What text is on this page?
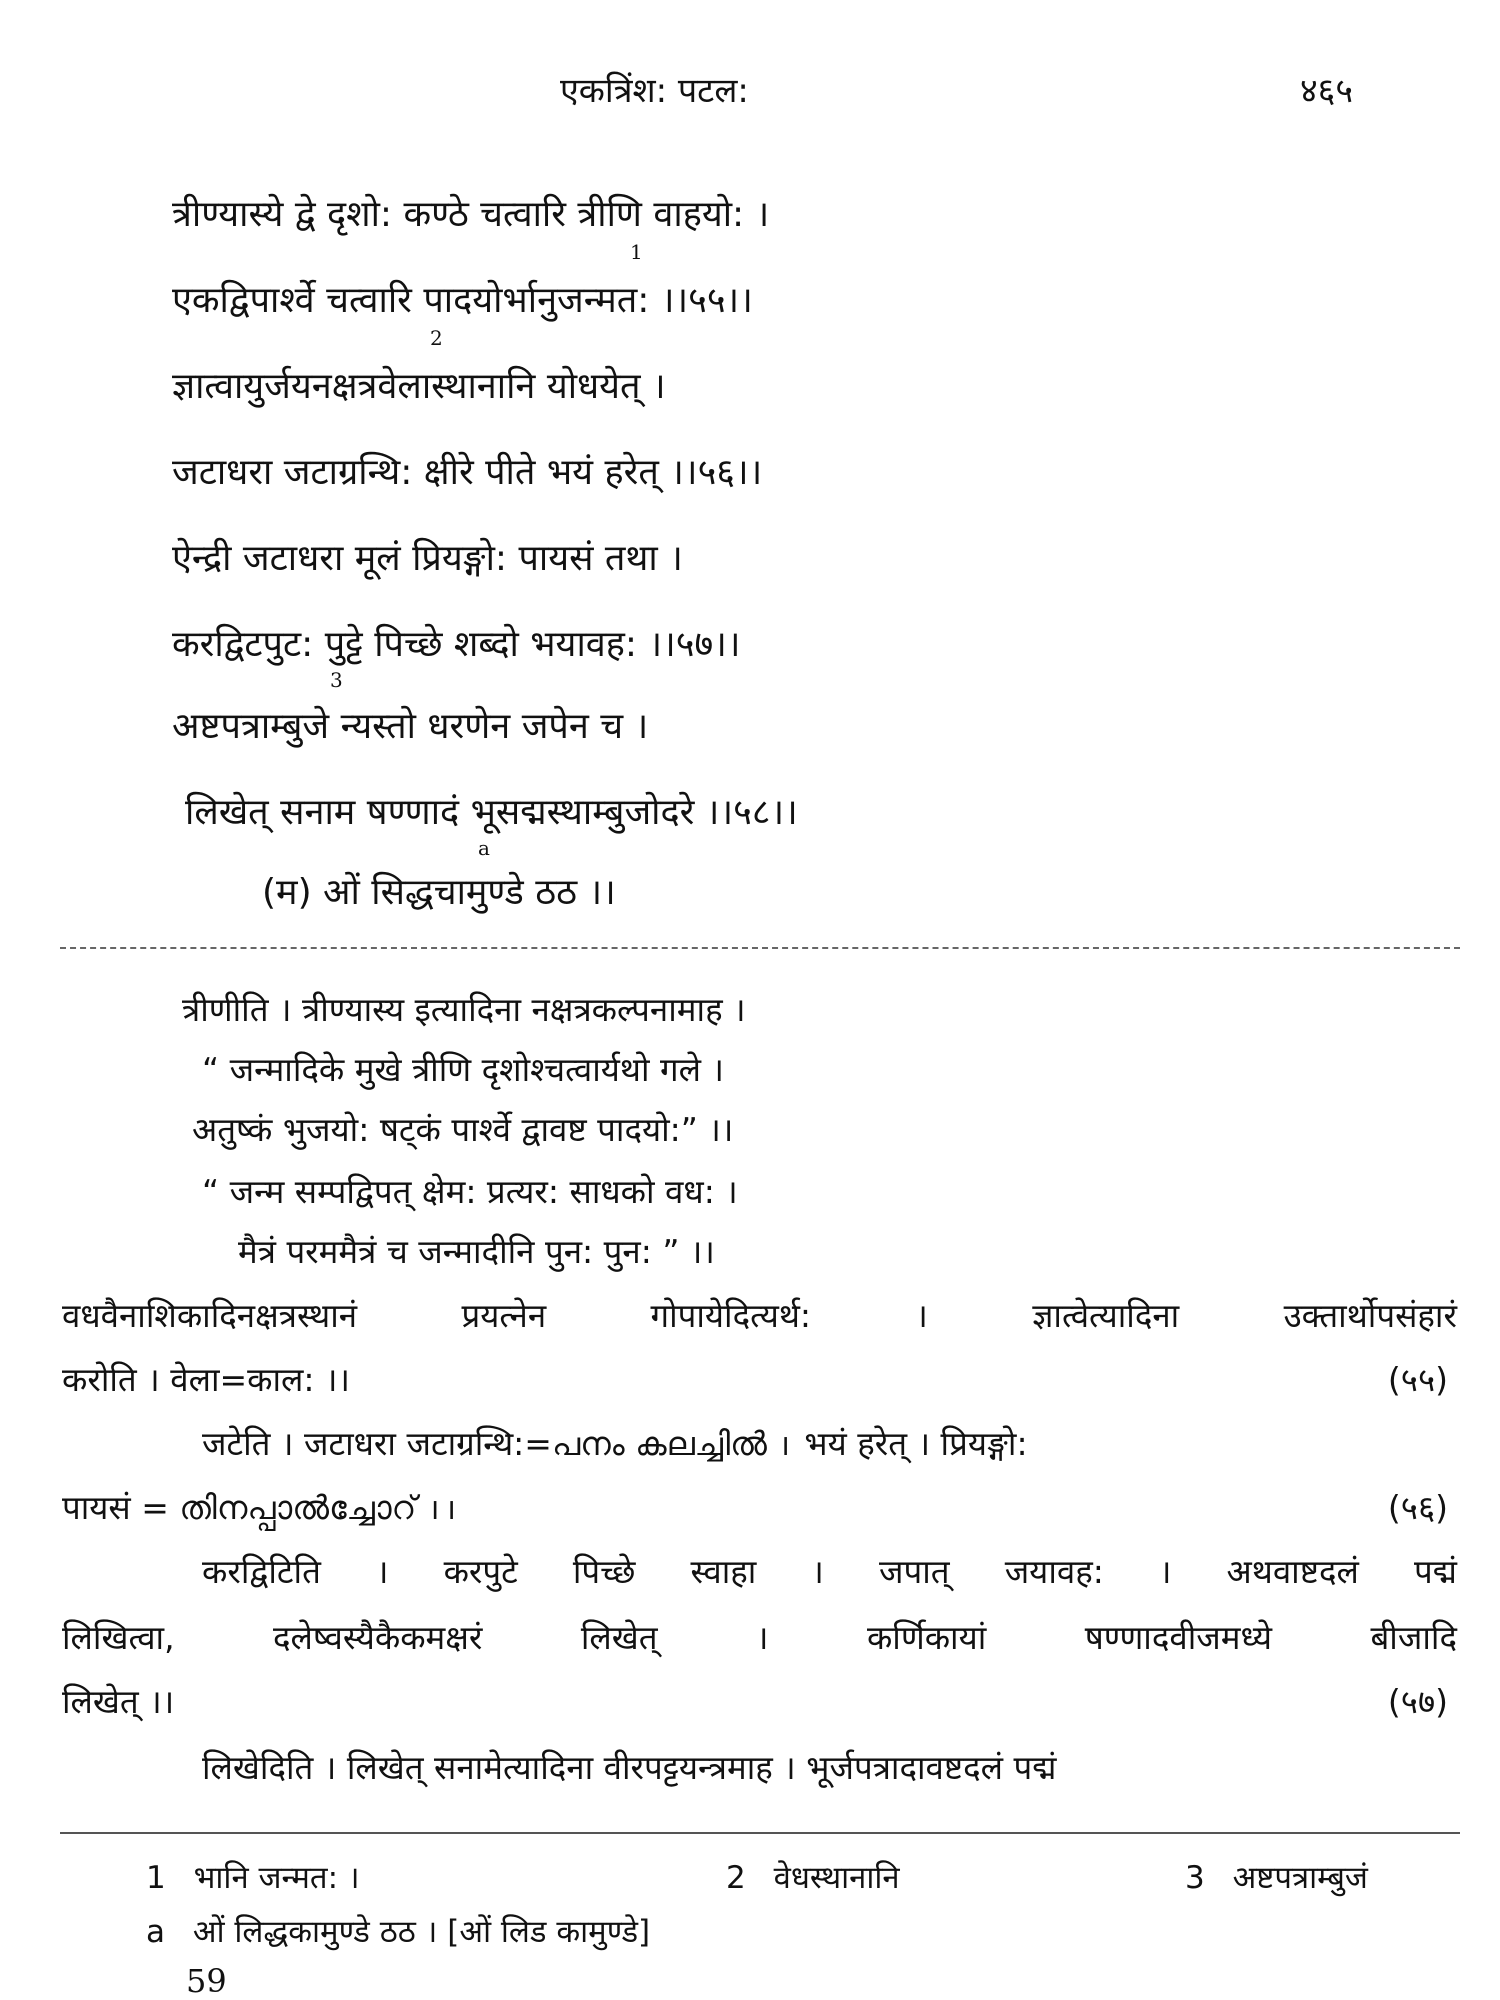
एकत्रिंश: पटल:	४६५
त्रीण्यास्ये द्वे दृशो: कण्ठे चत्वारि त्रीणि वाहयो: ।
1
एकद्विपार्श्वे चत्वारि पादयोर्भानुजन्मत: ।।५५।।
2
ज्ञात्वायुर्जयनक्षत्रवेलास्थानानि योधयेत् ।
जटाधरा जटाग्रन्थि: क्षीरे पीते भयं हरेत् ।।५६।।
ऐन्द्री जटाधरा मूलं प्रियङ्गो: पायसं तथा ।
करद्विटपुट: पुट्टे पिच्छे शब्दो भयावह: ।।५७।।
3
अष्टपत्राम्बुजे न्यस्तो धरणेन जपेन च ।
लिखेत् सनाम षण्णादं भूसद्मस्थाम्बुजोदरे ।।५८।।
a
(म) ओं सिद्धचामुण्डे ठठ ।।
त्रीणीति । त्रीण्यास्य इत्यादिना नक्षत्रकल्पनामाह ।
“ जन्मादिके मुखे त्रीणि दृशोश्चत्वार्यथो गले ।
अतुष्कं भुजयो: षट्कं पार्श्वे द्वावष्ट पादयो:” ।।
“ जन्म सम्पद्विपत् क्षेम: प्रत्यर: साधको वध: ।
मैत्रं परममैत्रं च जन्मादीनि पुन: पुन: ” ।।
वधवैनाशिकादिनक्षत्रस्थानं	प्रयत्नेन	गोपायेदित्यर्थ:	।	ज्ञात्वेत्यादिना	उक्तार्थोपसंहारं
करोति । वेला=काल: ।।	(५५)
जटेति । जटाधरा जटाग्रन्थि:=പനം കലച്ചിൽ । भयं हरेत् । प्रियङ्गो:
पायसं = തിനപ്പാൽച്ചോറ് ।।	(५६)
करद्विटिति । करपुटे पिच्छे स्वाहा । जपात् जयावह: । अथवाष्टदलं पद्मं
लिखित्वा,	दलेष्वस्यैकैकमक्षरं	लिखेत्	।	कर्णिकायां	षण्णादवीजमध्ये	बीजादि
लिखेत् ।।	(५७)
लिखेदिति । लिखेत् सनामेत्यादिना वीरपट्टयन्त्रमाह । भूर्जपत्रादावष्टदलं पद्मं
1 भानि जन्मत: ।	2 वेधस्थानानि	3 अष्टपत्राम्बुजं
a ओं लिद्धकामुण्डे ठठ । [ओं लिड कामुण्डे]
59
